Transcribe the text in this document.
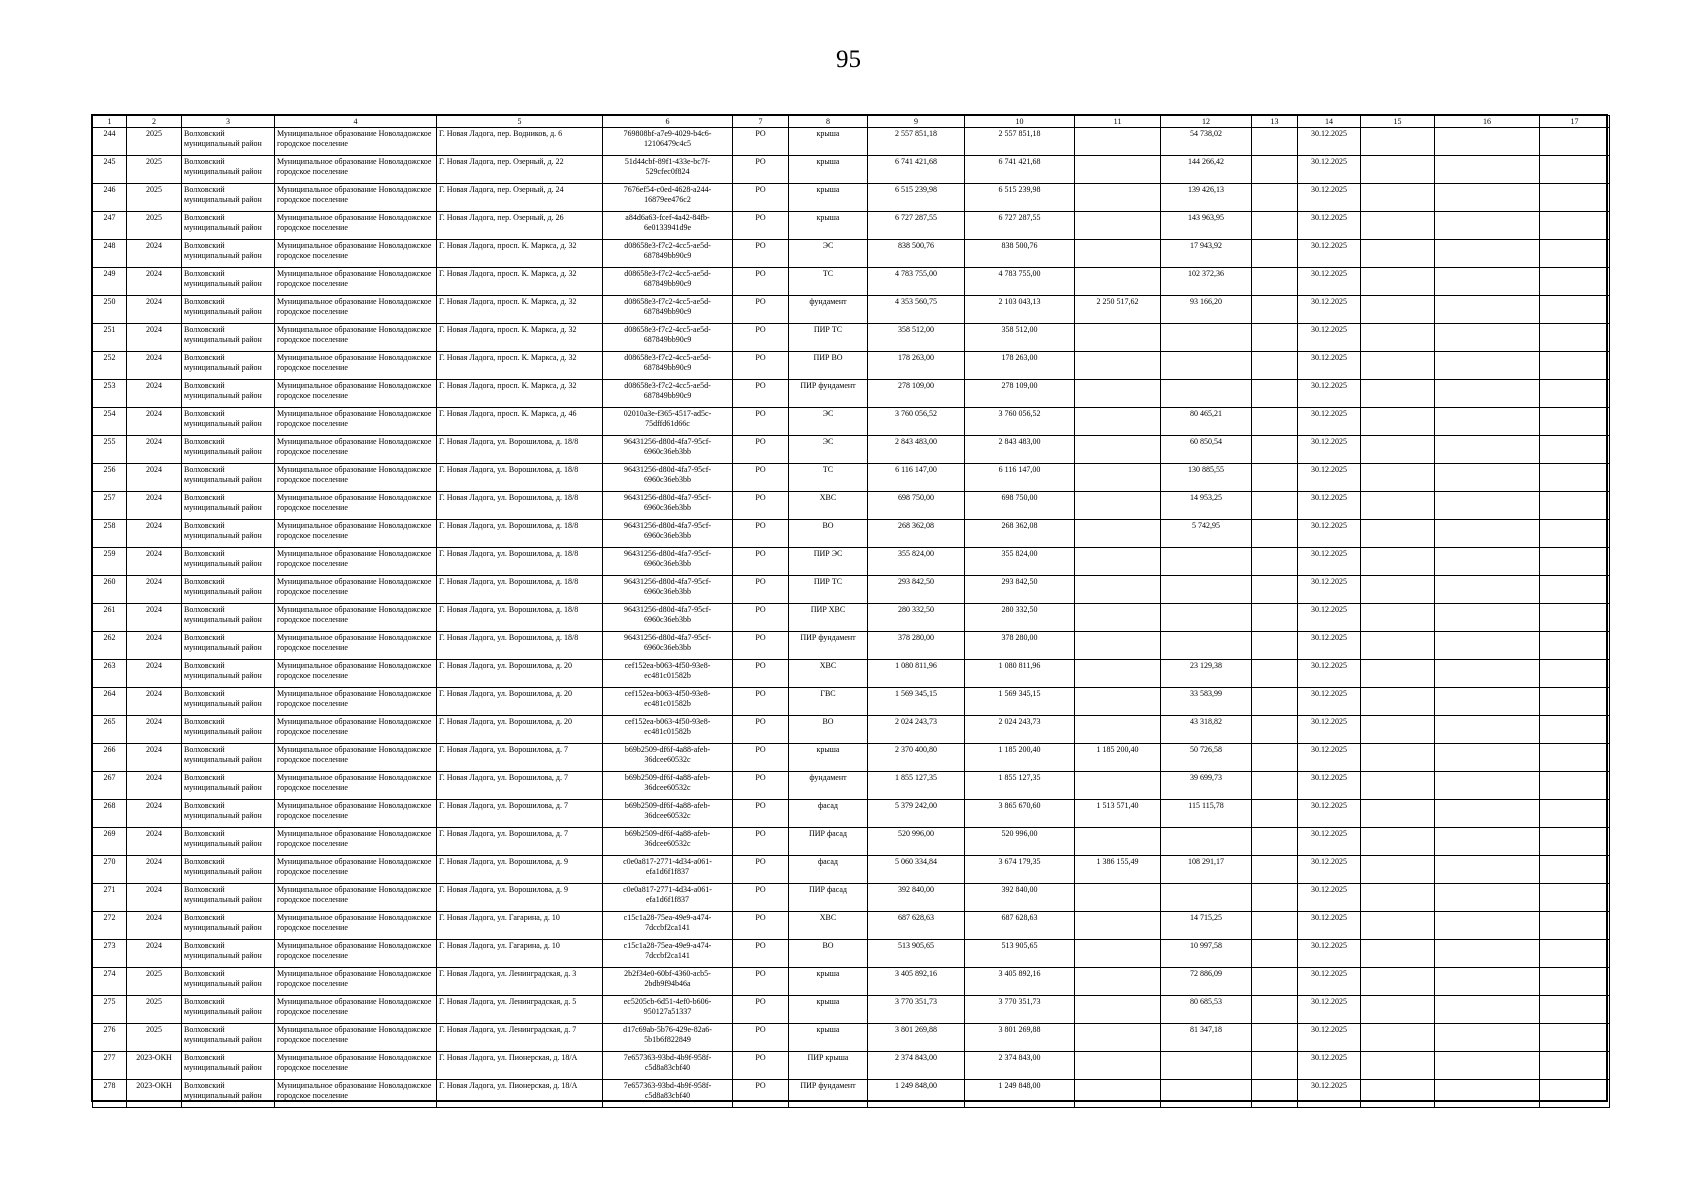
95
1	2	3	4	5	6	7	8	9	10	11	12	13	14	15	16	17
244	2025	Волховский муниципальный район	Муниципальное образование Новоладожское городское поселение	Г. Новая Ладога, пер. Водников, д. 6	769808bf-a7e9-4029-b4c6-12106479c4c5	РО	крыша	2 557 851,18	2 557 851,18		54 738,02		30.12.2025			
245	2025	Волховский муниципальный район	Муниципальное образование Новоладожское городское поселение	Г. Новая Ладога, пер. Озерный, д. 22	51d44cbf-89f1-433e-bc7f-529cfec0f824	РО	крыша	6 741 421,68	6 741 421,68		144 266,42		30.12.2025			
246	2025	Волховский муниципальный район	Муниципальное образование Новоладожское городское поселение	Г. Новая Ладога, пер. Озерный, д. 24	7676ef54-c0ed-4628-a244-16879ee476c2	РО	крыша	6 515 239,98	6 515 239,98		139 426,13		30.12.2025			
247	2025	Волховский муниципальный район	Муниципальное образование Новоладожское городское поселение	Г. Новая Ладога, пер. Озерный, д. 26	a84d6a63-fcef-4a42-84fb-6e0133941d9e	РО	крыша	6 727 287,55	6 727 287,55		143 963,95		30.12.2025			
248	2024	Волховский муниципальный район	Муниципальное образование Новоладожское городское поселение	Г. Новая Ладога, просп. К. Маркса, д. 32	d08658e3-f7c2-4cc5-ae5d-687849bb90c9	РО	ЭС	838 500,76	838 500,76		17 943,92		30.12.2025			
249	2024	Волховский муниципальный район	Муниципальное образование Новоладожское городское поселение	Г. Новая Ладога, просп. К. Маркса, д. 32	d08658e3-f7c2-4cc5-ae5d-687849bb90c9	РО	ТС	4 783 755,00	4 783 755,00		102 372,36		30.12.2025			
250	2024	Волховский муниципальный район	Муниципальное образование Новоладожское городское поселение	Г. Новая Ладога, просп. К. Маркса, д. 32	d08658e3-f7c2-4cc5-ae5d-687849bb90c9	РО	фундамент	4 353 560,75	2 103 043,13	2 250 517,62	93 166,20		30.12.2025			
251	2024	Волховский муниципальный район	Муниципальное образование Новоладожское городское поселение	Г. Новая Ладога, просп. К. Маркса, д. 32	d08658e3-f7c2-4cc5-ae5d-687849bb90c9	РО	ПИР ТС	358 512,00	358 512,00				30.12.2025			
252	2024	Волховский муниципальный район	Муниципальное образование Новоладожское городское поселение	Г. Новая Ладога, просп. К. Маркса, д. 32	d08658e3-f7c2-4cc5-ae5d-687849bb90c9	РО	ПИР ВО	178 263,00	178 263,00				30.12.2025			
253	2024	Волховский муниципальный район	Муниципальное образование Новоладожское городское поселение	Г. Новая Ладога, просп. К. Маркса, д. 32	d08658e3-f7c2-4cc5-ae5d-687849bb90c9	РО	ПИР фундамент	278 109,00	278 109,00				30.12.2025			
254	2024	Волховский муниципальный район	Муниципальное образование Новоладожское городское поселение	Г. Новая Ладога, просп. К. Маркса, д. 46	02010a3e-f365-4517-ad5c-75dffd61d66c	РО	ЭС	3 760 056,52	3 760 056,52		80 465,21		30.12.2025			
255	2024	Волховский муниципальный район	Муниципальное образование Новоладожское городское поселение	Г. Новая Ладога, ул. Ворошилова, д. 18/8	96431256-d80d-4fa7-95cf-6960c36eb3bb	РО	ЭС	2 843 483,00	2 843 483,00		60 850,54		30.12.2025			
256	2024	Волховский муниципальный район	Муниципальное образование Новоладожское городское поселение	Г. Новая Ладога, ул. Ворошилова, д. 18/8	96431256-d80d-4fa7-95cf-6960c36eb3bb	РО	ТС	6 116 147,00	6 116 147,00		130 885,55		30.12.2025			
257	2024	Волховский муниципальный район	Муниципальное образование Новоладожское городское поселение	Г. Новая Ладога, ул. Ворошилова, д. 18/8	96431256-d80d-4fa7-95cf-6960c36eb3bb	РО	ХВС	698 750,00	698 750,00		14 953,25		30.12.2025			
258	2024	Волховский муниципальный район	Муниципальное образование Новоладожское городское поселение	Г. Новая Ладога, ул. Ворошилова, д. 18/8	96431256-d80d-4fa7-95cf-6960c36eb3bb	РО	ВО	268 362,08	268 362,08		5 742,95		30.12.2025			
259	2024	Волховский муниципальный район	Муниципальное образование Новоладожское городское поселение	Г. Новая Ладога, ул. Ворошилова, д. 18/8	96431256-d80d-4fa7-95cf-6960c36eb3bb	РО	ПИР ЭС	355 824,00	355 824,00				30.12.2025			
260	2024	Волховский муниципальный район	Муниципальное образование Новоладожское городское поселение	Г. Новая Ладога, ул. Ворошилова, д. 18/8	96431256-d80d-4fa7-95cf-6960c36eb3bb	РО	ПИР ТС	293 842,50	293 842,50				30.12.2025			
261	2024	Волховский муниципальный район	Муниципальное образование Новоладожское городское поселение	Г. Новая Ладога, ул. Ворошилова, д. 18/8	96431256-d80d-4fa7-95cf-6960c36eb3bb	РО	ПИР ХВС	280 332,50	280 332,50				30.12.2025			
262	2024	Волховский муниципальный район	Муниципальное образование Новоладожское городское поселение	Г. Новая Ладога, ул. Ворошилова, д. 18/8	96431256-d80d-4fa7-95cf-6960c36eb3bb	РО	ПИР фундамент	378 280,00	378 280,00				30.12.2025			
263	2024	Волховский муниципальный район	Муниципальное образование Новоладожское городское поселение	Г. Новая Ладога, ул. Ворошилова, д. 20	cef152ea-b063-4f50-93e8-ec481c01582b	РО	ХВС	1 080 811,96	1 080 811,96		23 129,38		30.12.2025			
264	2024	Волховский муниципальный район	Муниципальное образование Новоладожское городское поселение	Г. Новая Ладога, ул. Ворошилова, д. 20	cef152ea-b063-4f50-93e8-ec481c01582b	РО	ГВС	1 569 345,15	1 569 345,15		33 583,99		30.12.2025			
265	2024	Волховский муниципальный район	Муниципальное образование Новоладожское городское поселение	Г. Новая Ладога, ул. Ворошилова, д. 20	cef152ea-b063-4f50-93e8-ec481c01582b	РО	ВО	2 024 243,73	2 024 243,73		43 318,82		30.12.2025			
266	2024	Волховский муниципальный район	Муниципальное образование Новоладожское городское поселение	Г. Новая Ладога, ул. Ворошилова, д. 7	b69b2509-df6f-4a88-afeb-36dcee60532c	РО	крыша	2 370 400,80	1 185 200,40	1 185 200,40	50 726,58		30.12.2025			
267	2024	Волховский муниципальный район	Муниципальное образование Новоладожское городское поселение	Г. Новая Ладога, ул. Ворошилова, д. 7	b69b2509-df6f-4a88-afeb-36dcee60532c	РО	фундамент	1 855 127,35	1 855 127,35		39 699,73		30.12.2025			
268	2024	Волховский муниципальный район	Муниципальное образование Новоладожское городское поселение	Г. Новая Ладога, ул. Ворошилова, д. 7	b69b2509-df6f-4a88-afeb-36dcee60532c	РО	фасад	5 379 242,00	3 865 670,60	1 513 571,40	115 115,78		30.12.2025			
269	2024	Волховский муниципальный район	Муниципальное образование Новоладожское городское поселение	Г. Новая Ладога, ул. Ворошилова, д. 7	b69b2509-df6f-4a88-afeb-36dcee60532c	РО	ПИР фасад	520 996,00	520 996,00				30.12.2025			
270	2024	Волховский муниципальный район	Муниципальное образование Новоладожское городское поселение	Г. Новая Ладога, ул. Ворошилова, д. 9	c0e0a817-2771-4d34-a061-efa1d6f1f837	РО	фасад	5 060 334,84	3 674 179,35	1 386 155,49	108 291,17		30.12.2025			
271	2024	Волховский муниципальный район	Муниципальное образование Новоладожское городское поселение	Г. Новая Ладога, ул. Ворошилова, д. 9	c0e0a817-2771-4d34-a061-efa1d6f1f837	РО	ПИР фасад	392 840,00	392 840,00				30.12.2025			
272	2024	Волховский муниципальный район	Муниципальное образование Новоладожское городское поселение	Г. Новая Ладога, ул. Гагарина, д. 10	c15c1a28-75ea-49e9-a474-7dccbf2ca141	РО	ХВС	687 628,63	687 628,63		14 715,25		30.12.2025			
273	2024	Волховский муниципальный район	Муниципальное образование Новоладожское городское поселение	Г. Новая Ладога, ул. Гагарина, д. 10	c15c1a28-75ea-49e9-a474-7dccbf2ca141	РО	ВО	513 905,65	513 905,65		10 997,58		30.12.2025			
274	2025	Волховский муниципальный район	Муниципальное образование Новоладожское городское поселение	Г. Новая Ладога, ул. Ленинградская, д. 3	2b2f34e0-60bf-4360-acb5-2bdb9f94b46a	РО	крыша	3 405 892,16	3 405 892,16		72 886,09		30.12.2025			
275	2025	Волховский муниципальный район	Муниципальное образование Новоладожское городское поселение	Г. Новая Ладога, ул. Ленинградская, д. 5	ec5205cb-6d51-4ef0-b606-950127a51337	РО	крыша	3 770 351,73	3 770 351,73		80 685,53		30.12.2025			
276	2025	Волховский муниципальный район	Муниципальное образование Новоладожское городское поселение	Г. Новая Ладога, ул. Ленинградская, д. 7	d17c69ab-5b76-429e-82a6-5b1b6f822849	РО	крыша	3 801 269,88	3 801 269,88		81 347,18		30.12.2025			
277	2023-ОКН	Волховский муниципальный район	Муниципальное образование Новоладожское городское поселение	Г. Новая Ладога, ул. Пионерская, д. 18/А	7e657363-93bd-4b9f-958f-c5d8a83cbf40	РО	ПИР крыша	2 374 843,00	2 374 843,00				30.12.2025			
278	2023-ОКН	Волховский муниципальный район	Муниципальное образование Новоладожское городское поселение	Г. Новая Ладога, ул. Пионерская, д. 18/А	7e657363-93bd-4b9f-958f-c5d8a83cbf40	РО	ПИР фундамент	1 249 848,00	1 249 848,00				30.12.2025			
